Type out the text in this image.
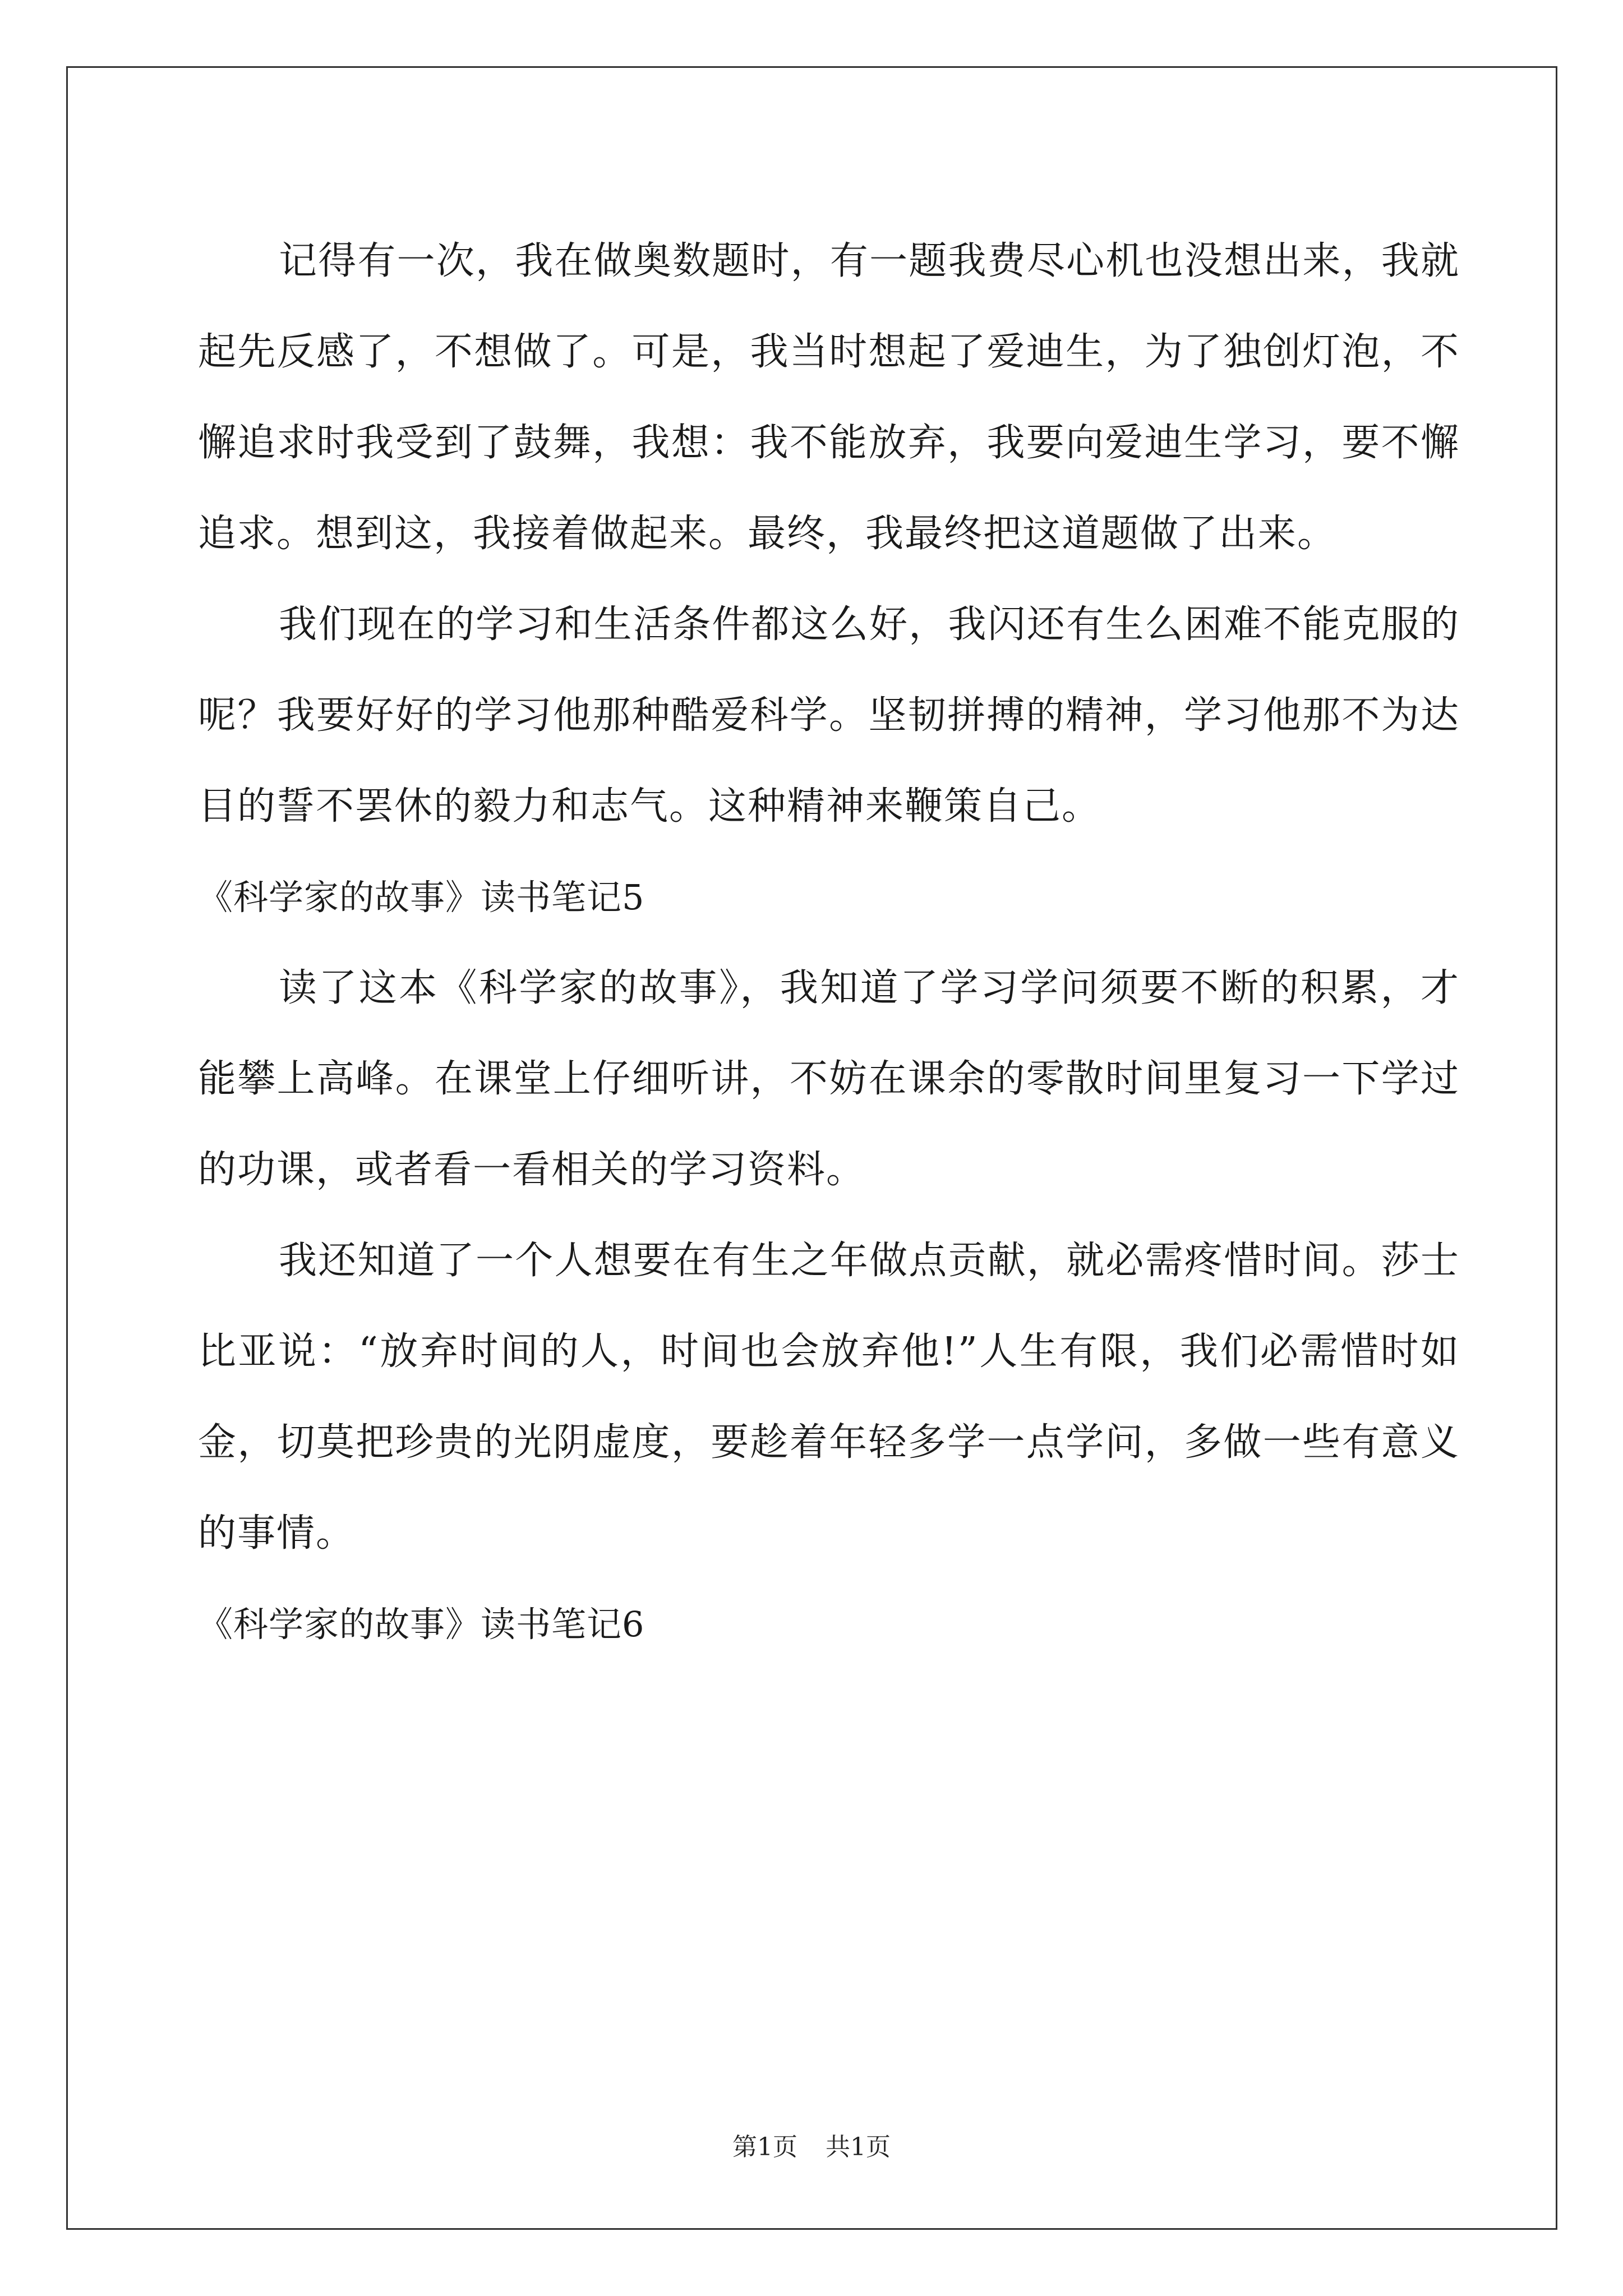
记得有一次，我在做奥数题时，有一题我费尽心机也没想出来，我就起先反感了，不想做了。可是，我当时想起了爱迪生，为了独创灯泡，不懈追求时我受到了鼓舞，我想：我不能放弃，我要向爱迪生学习，要不懈追求。想到这，我接着做起来。最终，我最终把这道题做了出来。

我们现在的学习和生活条件都这么好，我闪还有生么困难不能克服的呢？我要好好的学习他那种酷爱科学。坚韧拼搏的精神，学习他那不为达目的誓不罢休的毅力和志气。这种精神来鞭策自己。

《科学家的故事》读书笔记5

读了这本《科学家的故事》，我知道了学习学问须要不断的积累，才能攀上高峰。在课堂上仔细听讲，不妨在课余的零散时间里复习一下学过的功课，或者看一看相关的学习资料。

我还知道了一个人想要在有生之年做点贡献，就必需疼惜时间。莎士比亚说：“放弃时间的人，时间也会放弃他!”人生有限，我们必需惜时如金，切莫把珍贵的光阴虚度，要趁着年轻多学一点学问，多做一些有意义的事情。

《科学家的故事》读书笔记6

第1页 共1页
